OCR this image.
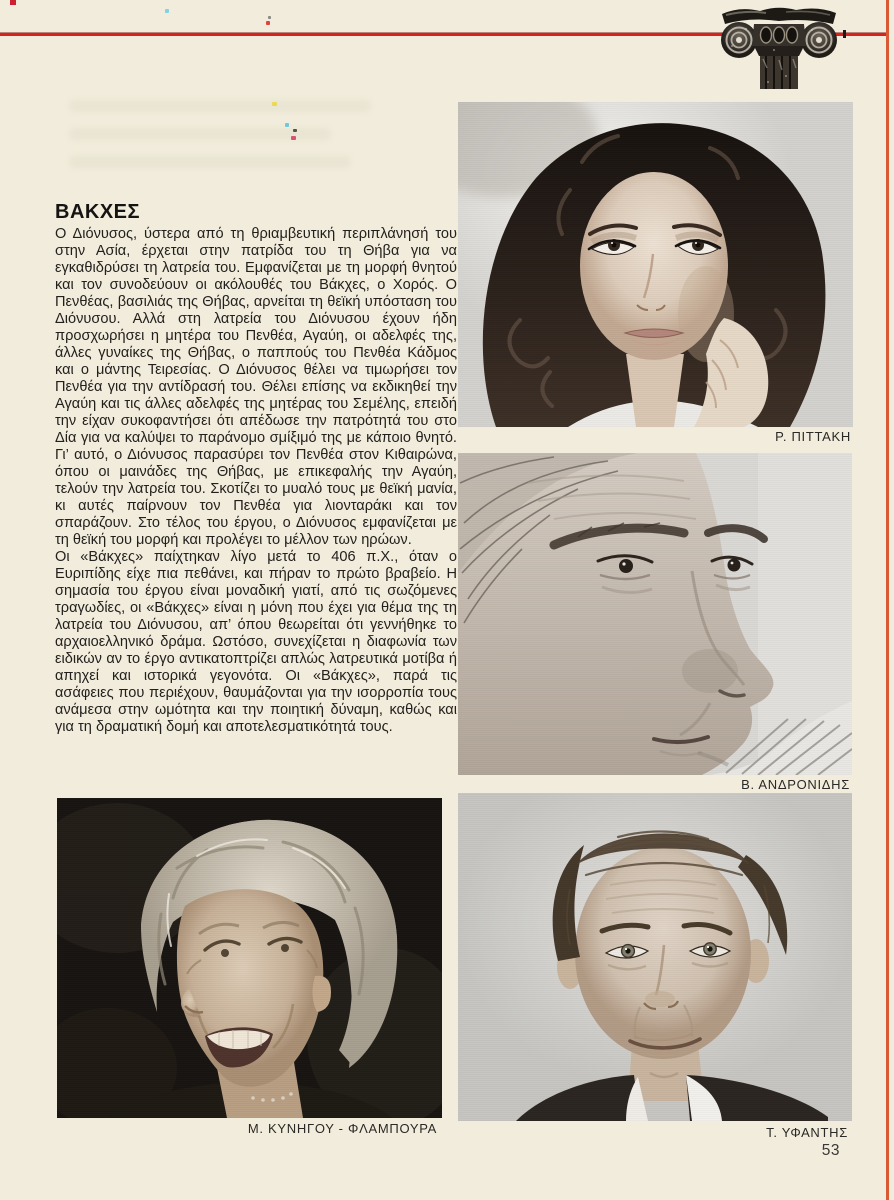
ΒΑΚΧΕΣ

Ο Διόνυσος, ύστερα από τη θριαμβευτική περιπλάνησή του στην Ασία, έρχεται στην πατρίδα του τη Θήβα για να εγκαθιδρύσει τη λατρεία του. Εμφανίζεται με τη μορφή θνητού και τον συνοδεύουν οι ακόλουθές του Βάκχες, ο Χορός. Ο Πενθέας, βασιλιάς της Θήβας, αρνείται τη θεϊκή υπόσταση του Διόνυσου. Αλλά στη λατρεία του Διόνυσου έχουν ήδη προσχωρήσει η μητέρα του Πενθέα, Αγαύη, οι αδελφές της, άλλες γυναίκες της Θήβας, ο παππούς του Πενθέα Κάδμος και ο μάντης Τειρεσίας. Ο Διόνυσος θέλει να τιμωρήσει τον Πενθέα για την αντίδρασή του. Θέλει επίσης να εκδικηθεί την Αγαύη και τις άλλες αδελφές της μητέρας του Σεμέλης, επειδή την είχαν συκοφαντήσει ότι απέδωσε την πατρότητά του στο Δία για να καλύψει το παράνομο σμίξιμό της με κάποιο θνητό. Γι’ αυτό, ο Διόνυσος παρασύρει τον Πενθέα στον Κιθαιρώνα, όπου οι μαινάδες της Θήβας, με επικεφαλής την Αγαύη, τελούν την λατρεία του. Σκοτίζει το μυαλό τους με θεϊκή μανία, κι αυτές παίρνουν τον Πενθέα για λιονταράκι και τον σπαράζουν. Στο τέλος του έργου, ο Διόνυσος εμφανίζεται με τη θεϊκή του μορφή και προλέγει το μέλλον των ηρώων.

Οι «Βάκχες» παίχτηκαν λίγο μετά το 406 π.Χ., όταν ο Ευριπίδης είχε πια πεθάνει, και πήραν το πρώτο βραβείο. Η σημασία του έργου είναι μοναδική γιατί, από τις σωζόμενες τραγωδίες, οι «Βάκχες» είναι η μόνη που έχει για θέμα της τη λατρεία του Διόνυσου, απ’ όπου θεωρείται ότι γεννήθηκε το αρχαιοελληνικό δράμα. Ωστόσο, συνεχίζεται η διαφωνία των ειδικών αν το έργο αντικατοπτρίζει απλώς λατρευτικά μοτίβα ή απηχεί και ιστορικά γεγονότα. Οι «Βάκχες», παρά τις ασάφειες που περιέχουν, θαυμάζονται για την ισορροπία τους ανάμεσα στην ωμότητα και την ποιητική δύναμη, καθώς και για τη δραματική δομή και αποτελεσματικότητά τους.

Ρ. ΠΙΤΤΑΚΗ
Β. ΑΝΔΡΟΝΙΔΗΣ
Μ. ΚΥΝΗΓΟΥ - ΦΛΑΜΠΟΥΡΑ	Τ. ΥΦΑΝΤΗΣ
53
